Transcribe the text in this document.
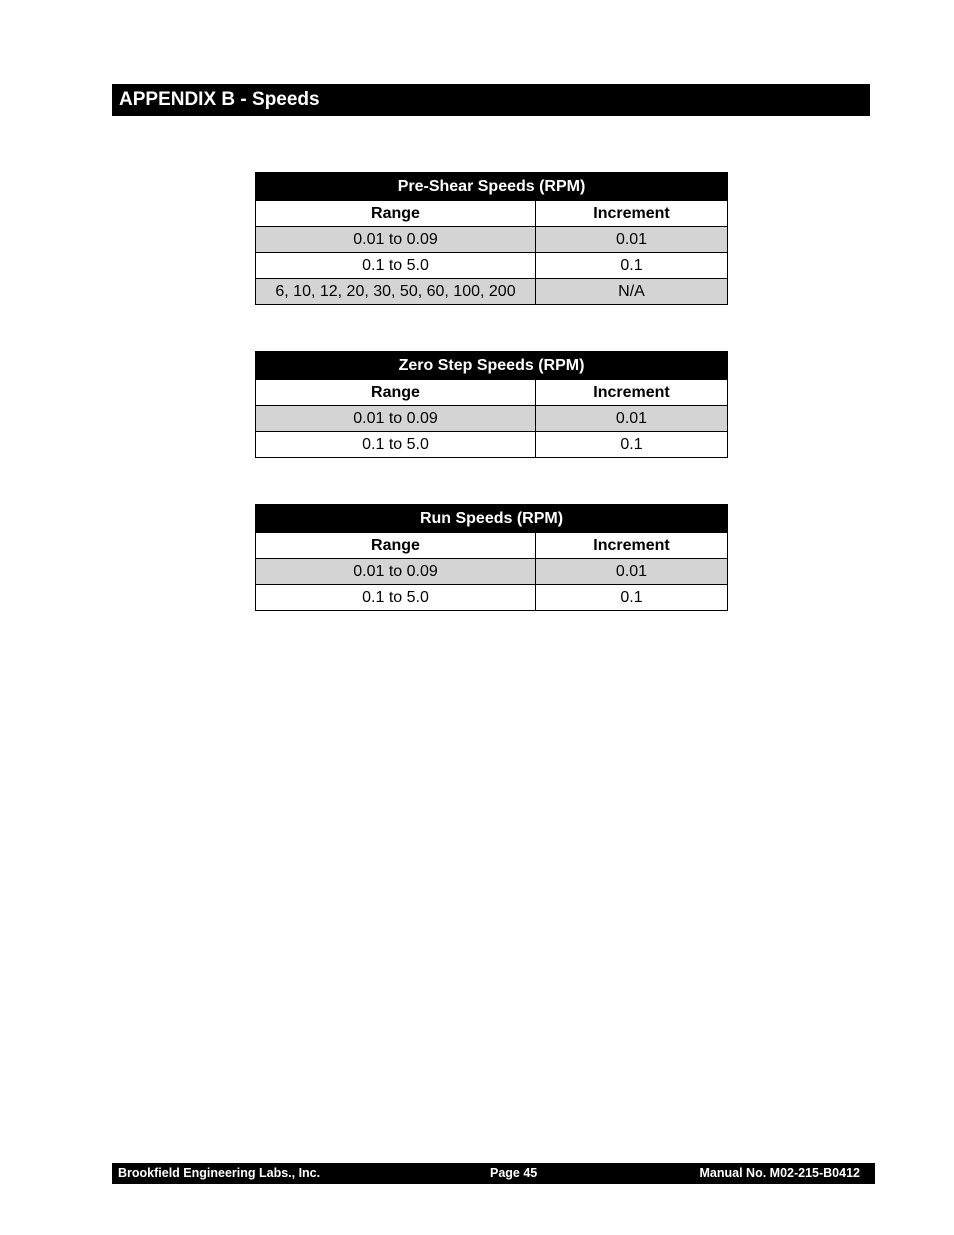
APPENDIX B - Speeds
Pre-Shear Speeds (RPM)	
Range	Increment
0.01 to 0.09	0.01
0.1 to 5.0	0.1
6, 10, 12, 20, 30, 50, 60, 100, 200	N/A
Zero Step Speeds (RPM)	
Range	Increment
0.01 to 0.09	0.01
0.1 to 5.0	0.1
Run Speeds (RPM)	
Range	Increment
0.01 to 0.09	0.01
0.1 to 5.0	0.1
Brookfield Engineering Labs., Inc.	Page 45	Manual No. M02-215-B0412
